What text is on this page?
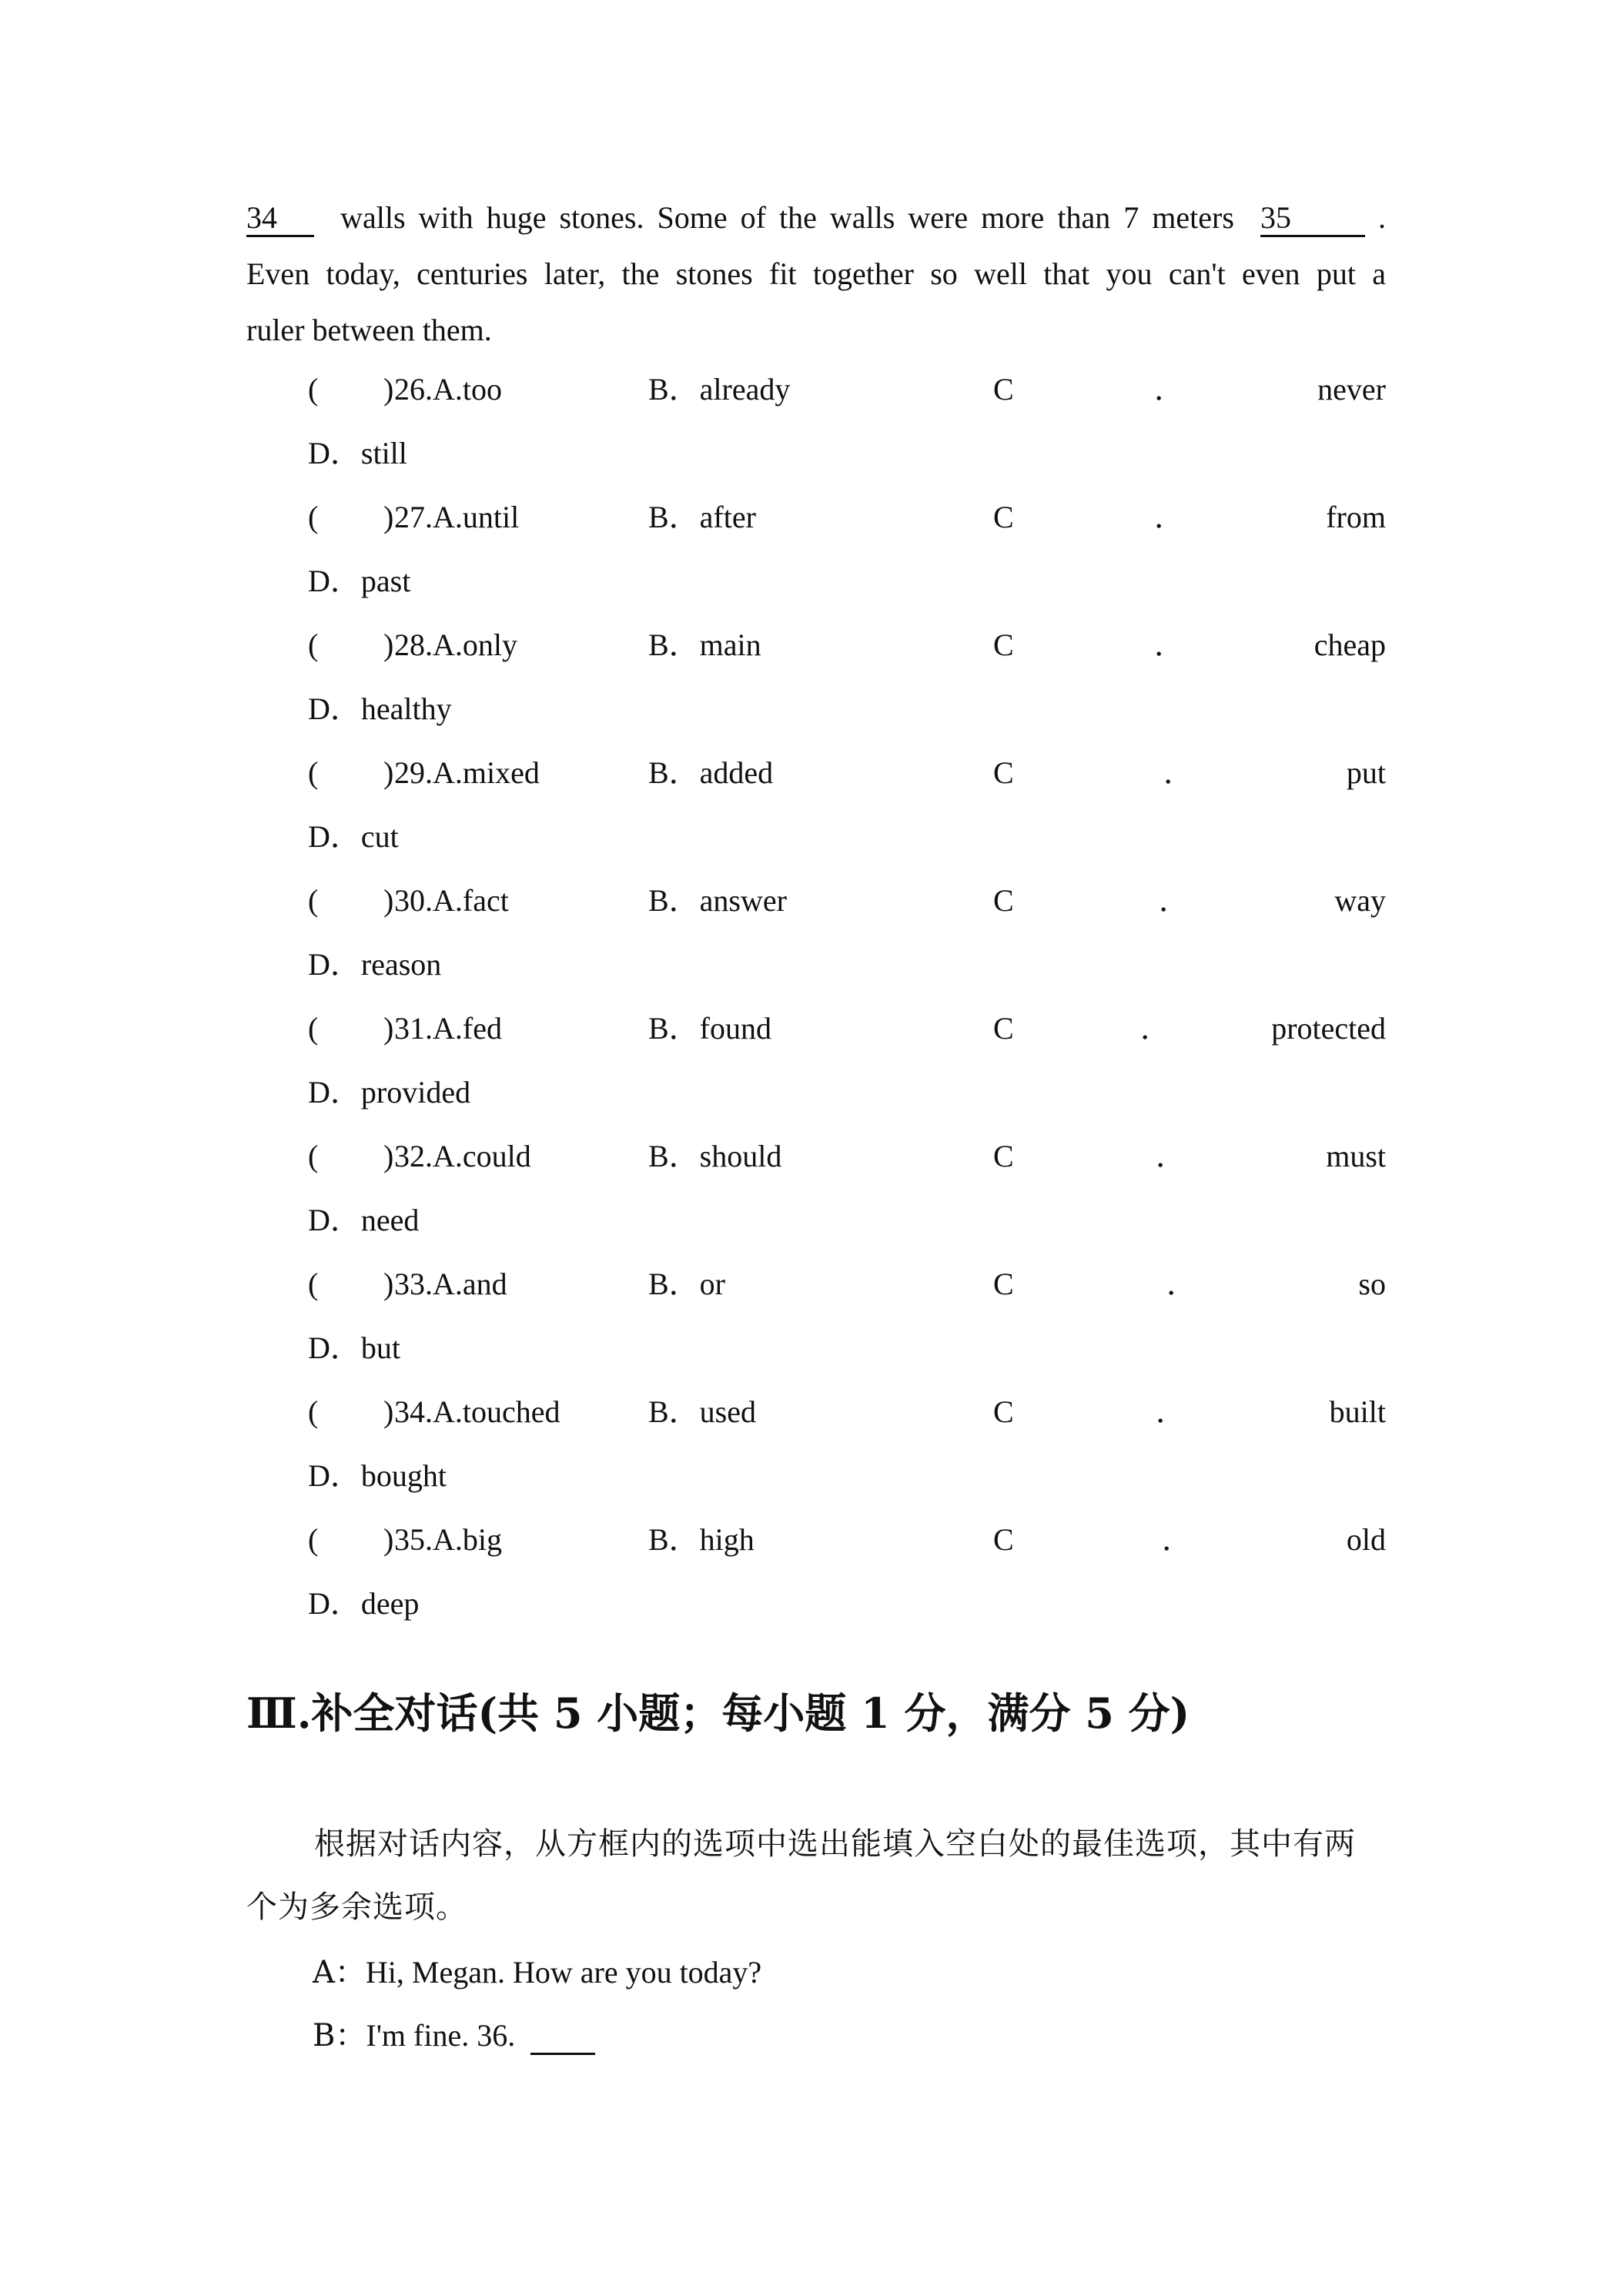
34 walls with huge stones. Some of the walls were more than 7 meters 35	.
Even today, centuries later, the stones fit together so well that you can't even put a
ruler between them.
( ) 26.A.too	B．already	C	．	never
D．still
( ) 27.A.until	B．after	C	．	from
D．past
( ) 28.A.only	B．main	C	．	cheap
D．healthy
( ) 29.A.mixed	B．added	C	．	put
D．cut
( ) 30.A.fact	B．answer	C	．	way
D．reason
( ) 31.A.fed	B．found	C	．	protected
D．provided
( ) 32.A.could	B．should	C	．	must
D．need
( ) 33.A.and	B．or	C	．	so
D．but
( ) 34.A.touched	B．used	C	．	built
D．bought
( ) 35.A.big	B．high	C	．	old
D．deep
Ⅲ.补全对话(共 5 小题；每小题 1 分，满分 5 分)
根据对话内容，从方框内的选项中选出能填入空白处的最佳选项，其中有两
个为多余选项。
A：Hi, Megan. How are you today?
B：I'm fine. 36.
